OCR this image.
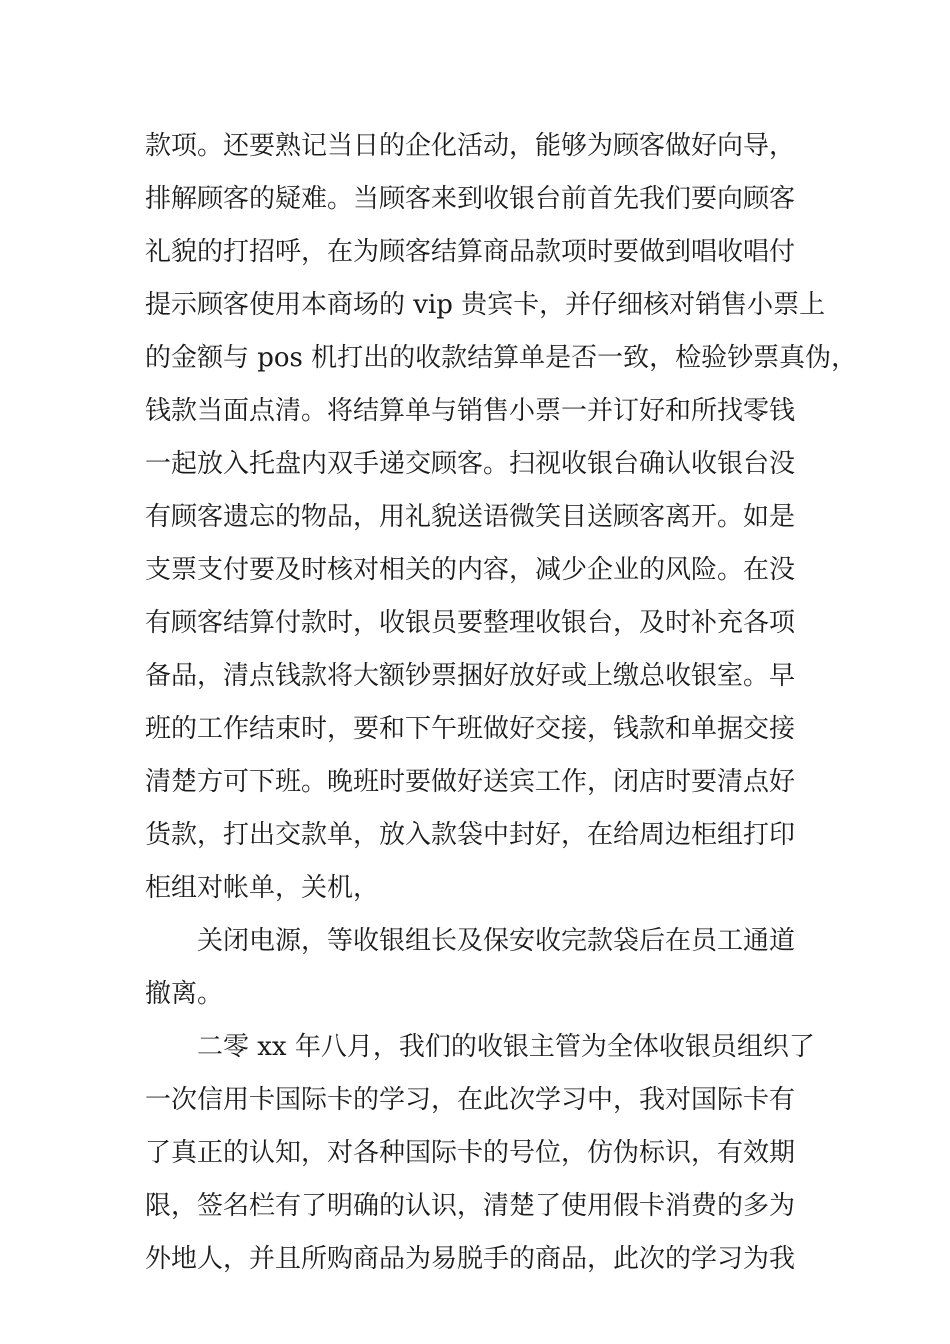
款项。还要熟记当日的企化活动，能够为顾客做好向导，
排解顾客的疑难。当顾客来到收银台前首先我们要向顾客
礼貌的打招呼，在为顾客结算商品款项时要做到唱收唱付
提示顾客使用本商场的 vip 贵宾卡，并仔细核对销售小票上
的金额与 pos 机打出的收款结算单是否一致，检验钞票真伪，
钱款当面点清。将结算单与销售小票一并订好和所找零钱
一起放入托盘内双手递交顾客。扫视收银台确认收银台没
有顾客遗忘的物品，用礼貌送语微笑目送顾客离开。如是
支票支付要及时核对相关的内容，减少企业的风险。在没
有顾客结算付款时，收银员要整理收银台，及时补充各项
备品，清点钱款将大额钞票捆好放好或上缴总收银室。早
班的工作结束时，要和下午班做好交接，钱款和单据交接
清楚方可下班。晚班时要做好送宾工作，闭店时要清点好
货款，打出交款单，放入款袋中封好，在给周边柜组打印
柜组对帐单，关机，
关闭电源，等收银组长及保安收完款袋后在员工通道
撤离。
二零 xx 年八月，我们的收银主管为全体收银员组织了
一次信用卡国际卡的学习，在此次学习中，我对国际卡有
了真正的认知，对各种国际卡的号位，仿伪标识，有效期
限，签名栏有了明确的认识，清楚了使用假卡消费的多为
外地人，并且所购商品为易脱手的商品，此次的学习为我
